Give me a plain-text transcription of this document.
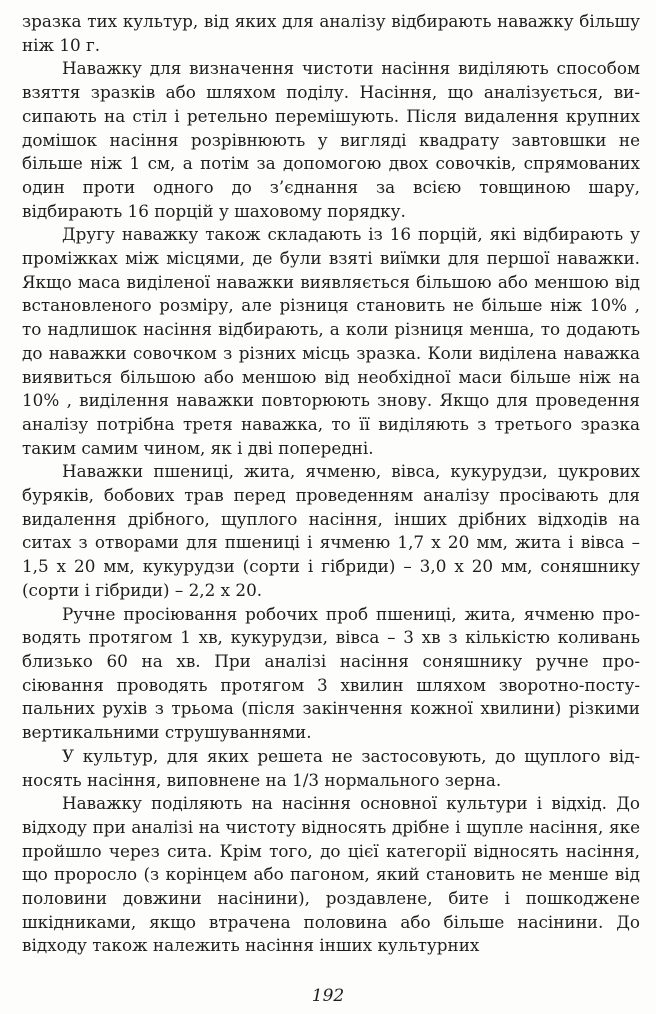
зразка тих культур, від яких для аналізу відбирають наважку більшу ніж 10 г.

Наважку для визначення чистоти насіння виділяють способом взяття зразків або шляхом поділу. Насіння, що аналізується, висипають на стіл і ретельно перемішують. Після видалення крупних домішок насіння розрівнюють у вигляді квадрату завтовшки не більше ніж 1 см, а потім за допомогою двох совочків, спрямованих один проти одного до з’єднання за всією товщиною шару, відбирають 16 порцій у шаховому порядку.

Другу наважку також складають із 16 порцій, які відбирають у проміжках між місцями, де були взяті виїмки для першої наважки. Якщо маса виділеної наважки виявляється більшою або меншою від встановленого розміру, але різниця становить не більше ніж 10% , то надлишок насіння відбирають, а коли різниця менша, то додають до наважки совочком з різних місць зразка. Коли виділена наважка виявиться більшою або меншою від необхідної маси більше ніж на 10% , виділення наважки повторюють знову. Якщо для проведення аналізу потрібна третя наважка, то її виділяють з третього зразка таким самим чином, як і дві попередні.

Наважки пшениці, жита, ячменю, вівса, кукурудзи, цукрових буряків, бобових трав перед проведенням аналізу просівають для видалення дрібного, щуплого насіння, інших дрібних відходів на ситах з отворами для пшениці і ячменю 1,7 х 20 мм, жита і вівса – 1,5 х 20 мм, кукурудзи (сорти і гібриди) – 3,0 х 20 мм, соняшнику (сорти і гібриди) – 2,2 х 20.

Ручне просіювання робочих проб пшениці, жита, ячменю проводять протягом 1 хв, кукурудзи, вівса – 3 хв з кількістю коливань близько 60 на хв. При аналізі насіння соняшнику ручне просіювання проводять протягом 3 хвилин шляхом зворотно-поступальних рухів з трьома (після закінчення кожної хвилини) різкими вертикальними струшуваннями.

У культур, для яких решета не застосовують, до щуплого відносять насіння, виповнене на 1/3 нормального зерна.

Наважку поділяють на насіння основної культури і відхід. До відходу при аналізі на чистоту відносять дрібне і щупле насіння, яке пройшло через сита. Крім того, до цієї категорії відносять насіння, що проросло (з корінцем або пагоном, який становить не менше від половини довжини насінини), роздавлене, бите і пошкоджене шкідниками, якщо втрачена половина або більше насінини. До відходу також належить насіння інших культурних

192
